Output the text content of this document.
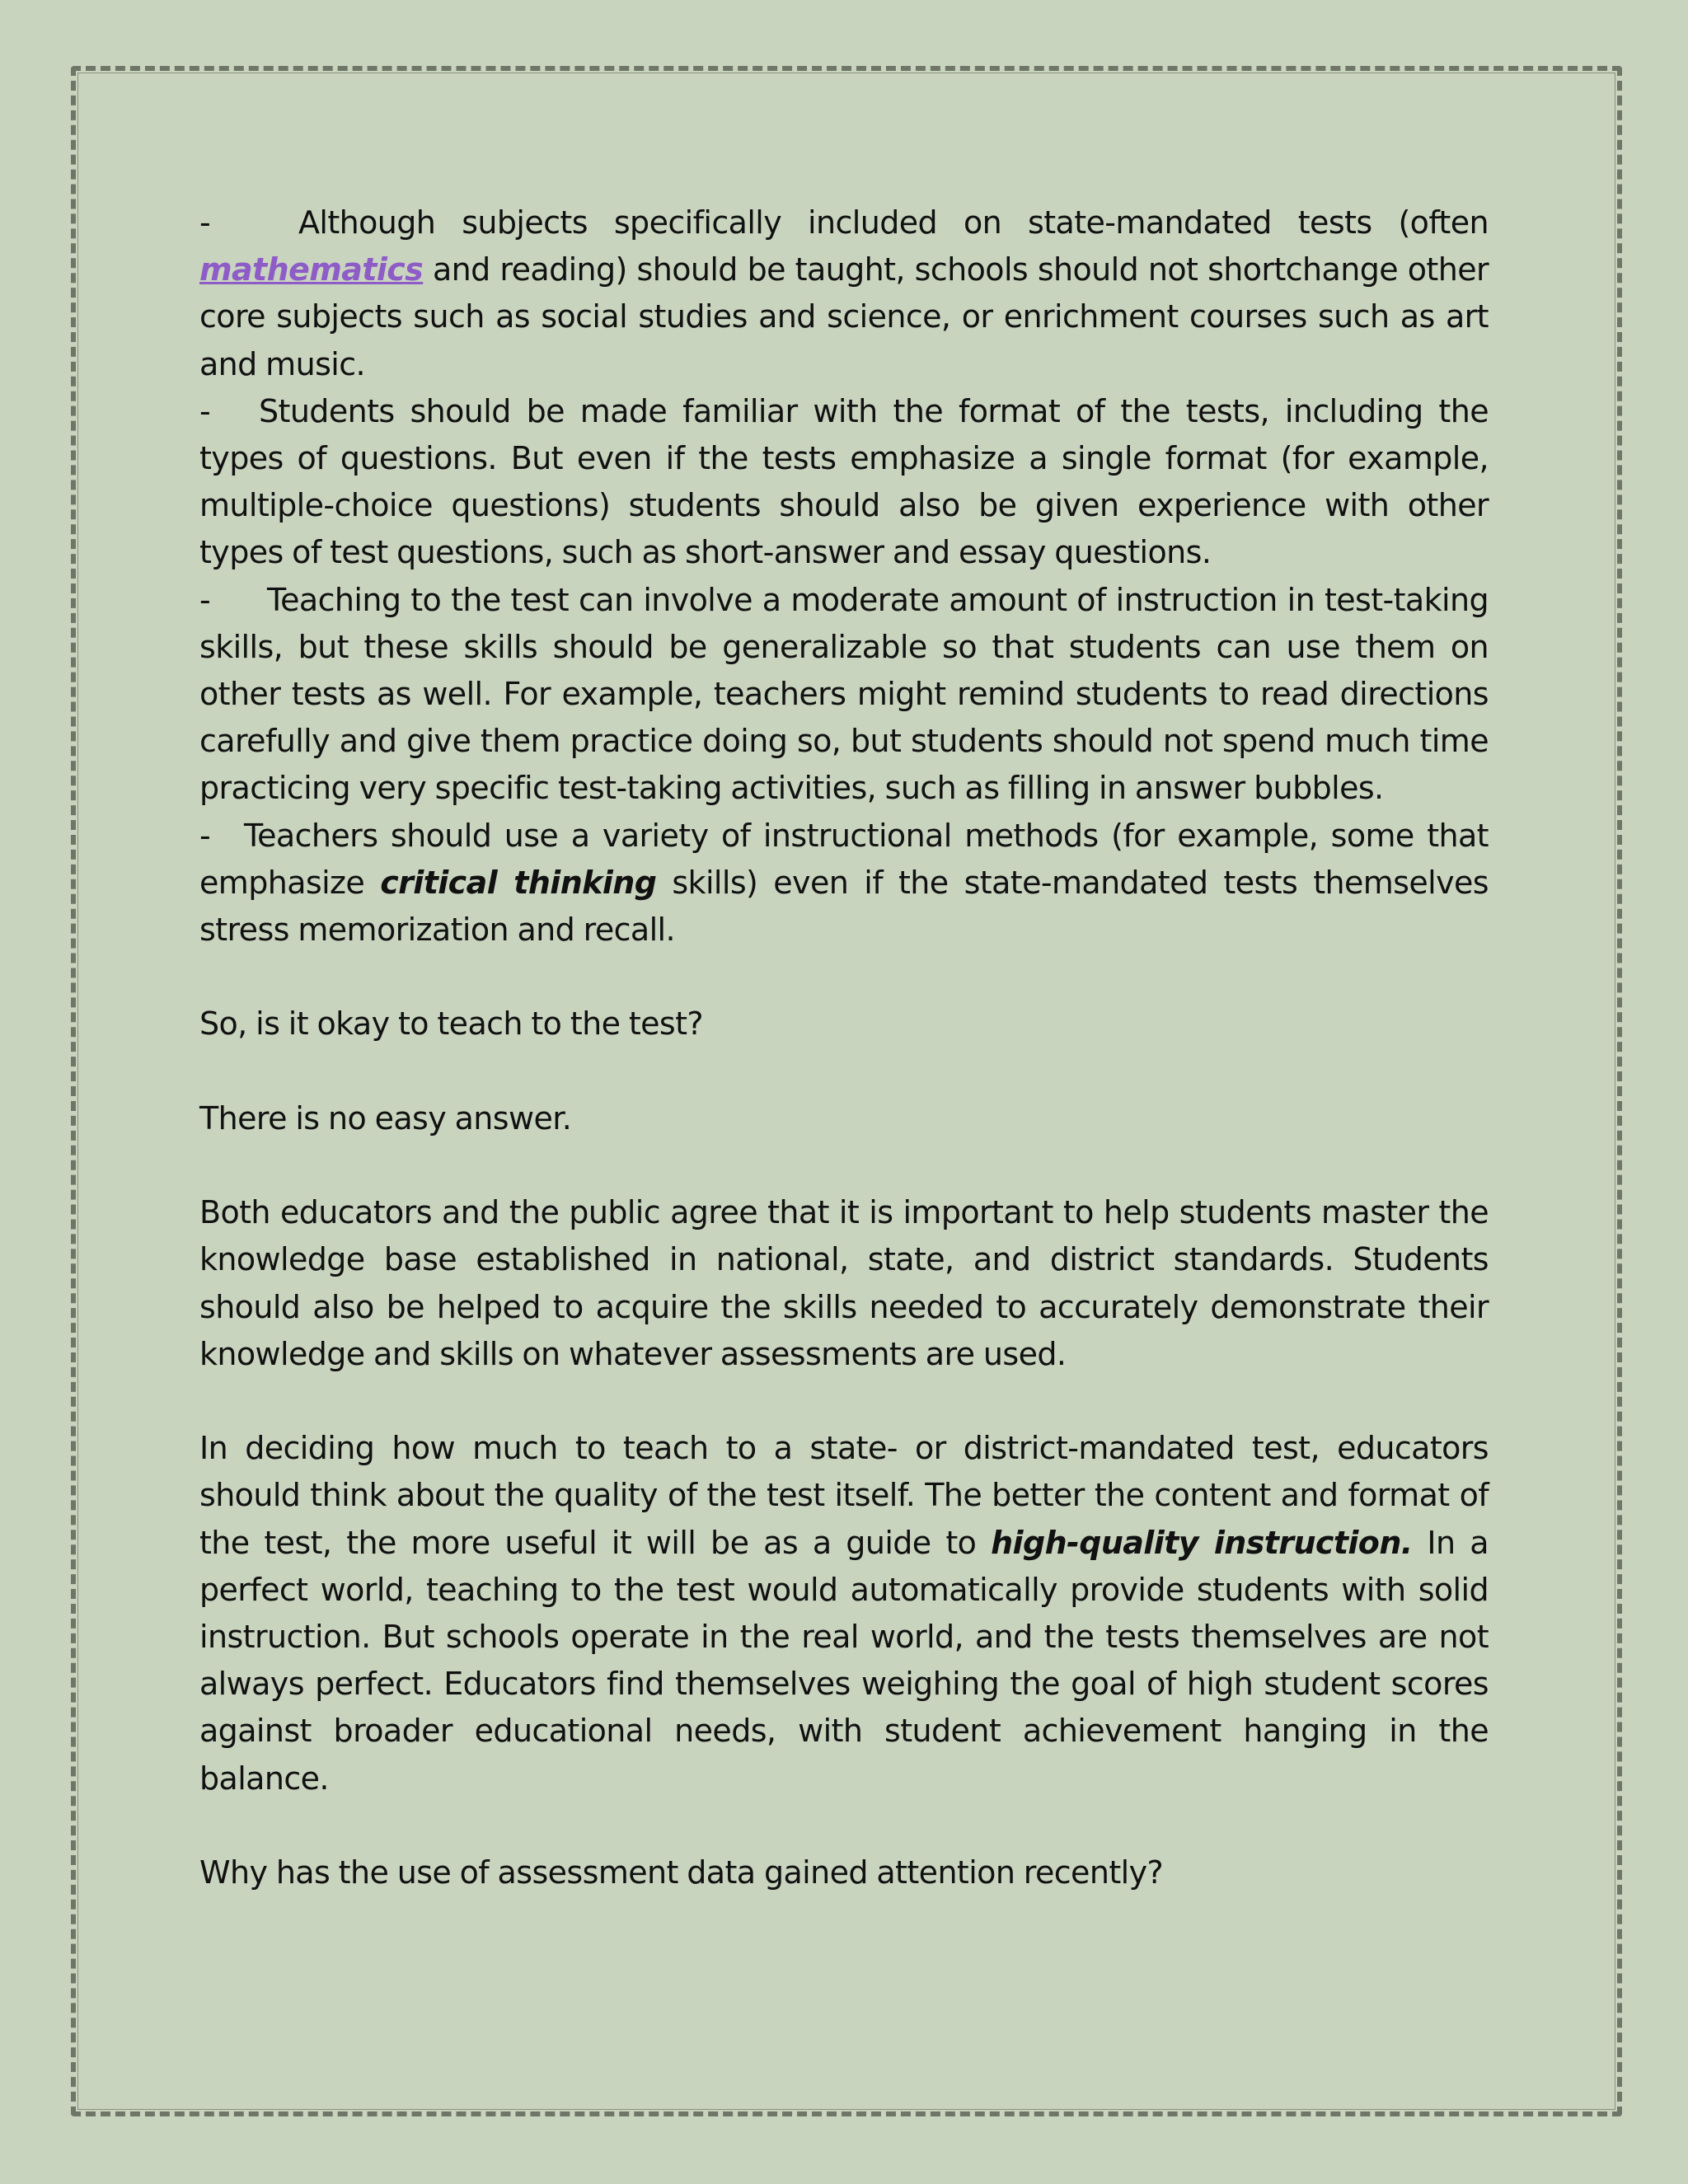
-	Although subjects specifically included on state-mandated tests (often mathematics and reading) should be taught, schools should not shortchange other core subjects such as social studies and science, or enrichment courses such as art and music.

- Students should be made familiar with the format of the tests, including the types of questions. But even if the tests emphasize a single format (for example, multiple-choice questions) students should also be given experience with other types of test questions, such as short-answer and essay questions.

- Teaching to the test can involve a moderate amount of instruction in test-taking skills, but these skills should be generalizable so that students can use them on other tests as well. For example, teachers might remind students to read directions carefully and give them practice doing so, but students should not spend much time practicing very specific test-taking activities, such as filling in answer bubbles.

- Teachers should use a variety of instructional methods (for example, some that emphasize critical thinking skills) even if the state-mandated tests themselves stress memorization and recall.

So, is it okay to teach to the test?

There is no easy answer.

Both educators and the public agree that it is important to help students master the knowledge base established in national, state, and district standards. Students should also be helped to acquire the skills needed to accurately demonstrate their knowledge and skills on whatever assessments are used.

In deciding how much to teach to a state- or district-mandated test, educators should think about the quality of the test itself. The better the content and format of the test, the more useful it will be as a guide to high-quality instruction. In a perfect world, teaching to the test would automatically provide students with solid instruction. But schools operate in the real world, and the tests themselves are not always perfect. Educators find themselves weighing the goal of high student scores against broader educational needs, with student achievement hanging in the balance.

Why has the use of assessment data gained attention recently?
